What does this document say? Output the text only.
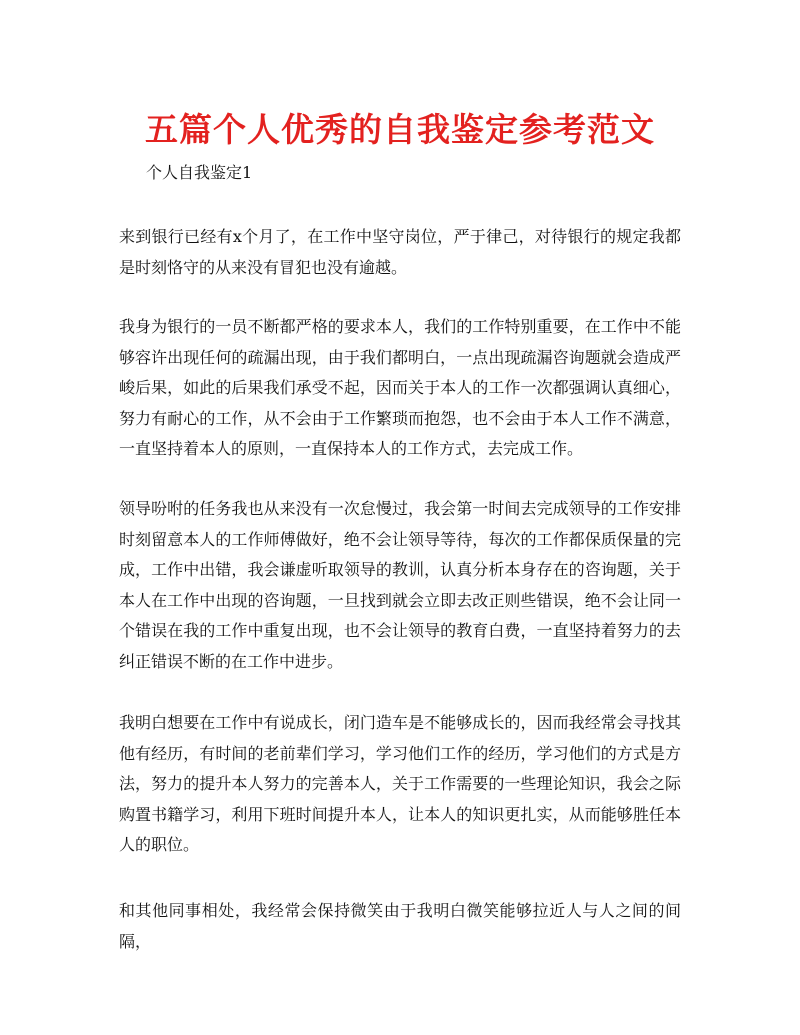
五篇个人优秀的自我鉴定参考范文
个人自我鉴定1

来到银行已经有x个月了，在工作中坚守岗位，严于律己，对待银行的规定我都是时刻恪守的从来没有冒犯也没有逾越。

我身为银行的一员不断都严格的要求本人，我们的工作特别重要，在工作中不能够容许出现任何的疏漏出现，由于我们都明白，一点出现疏漏咨询题就会造成严峻后果，如此的后果我们承受不起，因而关于本人的工作一次都强调认真细心，努力有耐心的工作，从不会由于工作繁琐而抱怨，也不会由于本人工作不满意，一直坚持着本人的原则，一直保持本人的工作方式，去完成工作。

领导吩咐的任务我也从来没有一次怠慢过，我会第一时间去完成领导的工作安排时刻留意本人的工作师傅做好，绝不会让领导等待，每次的工作都保质保量的完成，工作中出错，我会谦虚听取领导的教训，认真分析本身存在的咨询题，关于本人在工作中出现的咨询题，一旦找到就会立即去改正则些错误，绝不会让同一个错误在我的工作中重复出现，也不会让领导的教育白费，一直坚持着努力的去纠正错误不断的在工作中进步。

我明白想要在工作中有说成长，闭门造车是不能够成长的，因而我经常会寻找其他有经历，有时间的老前辈们学习，学习他们工作的经历，学习他们的方式是方法，努力的提升本人努力的完善本人，关于工作需要的一些理论知识，我会之际购置书籍学习，利用下班时间提升本人，让本人的知识更扎实，从而能够胜任本人的职位。

和其他同事相处，我经常会保持微笑由于我明白微笑能够拉近人与人之间的间隔，
